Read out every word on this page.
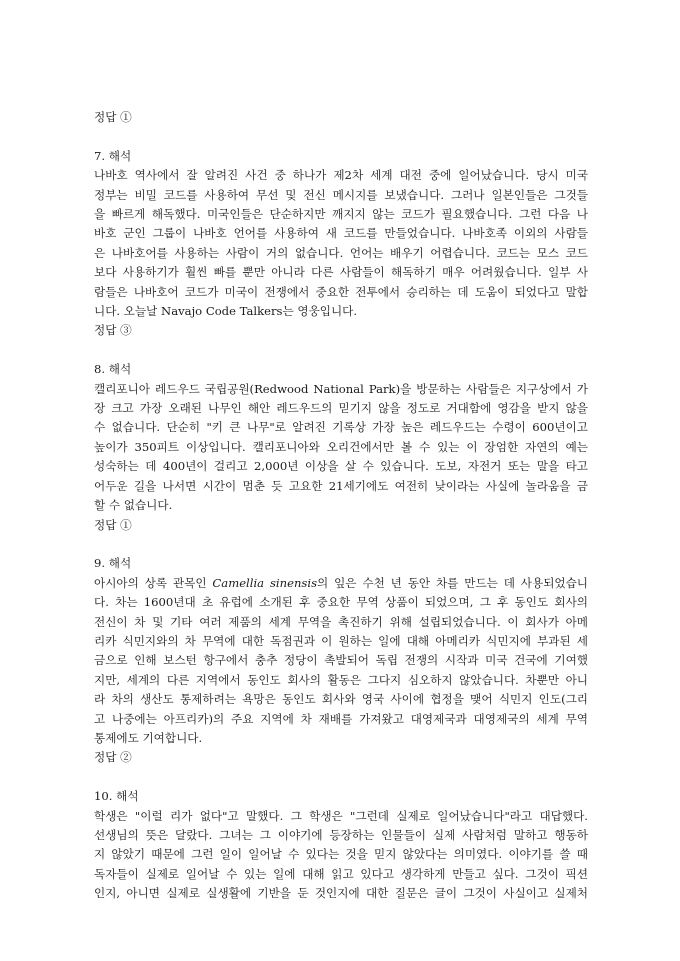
정답 ①
7. 해석
나바호 역사에서 잘 알려진 사건 중 하나가 제2차 세계 대전 중에 일어났습니다. 당시 미국
정부는 비밀 코드를 사용하여 무선 및 전신 메시지를 보냈습니다. 그러나 일본인들은 그것들
을 빠르게 해독했다. 미국인들은 단순하지만 깨지지 않는 코드가 필요했습니다. 그런 다음 나
바호 군인 그룹이 나바호 언어를 사용하여 새 코드를 만들었습니다. 나바호족 이외의 사람들
은 나바호어를 사용하는 사람이 거의 없습니다. 언어는 배우기 어렵습니다. 코드는 모스 코드
보다 사용하기가 훨씬 빠를 뿐만 아니라 다른 사람들이 해독하기 매우 어려웠습니다. 일부 사
람들은 나바호어 코드가 미국이 전쟁에서 중요한 전투에서 승리하는 데 도움이 되었다고 말합
니다. 오늘날 Navajo Code Talkers는 영웅입니다.
정답 ③
8. 해석
캘리포니아 레드우드 국립공원(Redwood National Park)을 방문하는 사람들은 지구상에서 가
장 크고 가장 오래된 나무인 해안 레드우드의 믿기지 않을 정도로 거대함에 영감을 받지 않을
수 없습니다. 단순히 "키 큰 나무"로 알려진 기록상 가장 높은 레드우드는 수령이 600년이고
높이가 350피트 이상입니다. 캘리포니아와 오리건에서만 볼 수 있는 이 장엄한 자연의 예는
성숙하는 데 400년이 걸리고 2,000년 이상을 살 수 있습니다. 도보, 자전거 또는 말을 타고
어두운 길을 나서면 시간이 멈춘 듯 고요한 21세기에도 여전히 낮이라는 사실에 놀라움을 금
할 수 없습니다.
정답 ①
9. 해석
아시아의 상록 관목인 Camellia sinensis의 잎은 수천 년 동안 차를 만드는 데 사용되었습니
다. 차는 1600년대 초 유럽에 소개된 후 중요한 무역 상품이 되었으며, 그 후 동인도 회사의
전신이 차 및 기타 여러 제품의 세계 무역을 촉진하기 위해 설립되었습니다. 이 회사가 아메
리카 식민지와의 차 무역에 대한 독점권과 이 원하는 일에 대해 아메리카 식민지에 부과된 세
금으로 인해 보스턴 항구에서 충추 정당이 촉발되어 독립 전쟁의 시작과 미국 건국에 기여했
지만, 세계의 다른 지역에서 동인도 회사의 활동은 그다지 심오하지 않았습니다. 차뿐만 아니
라 차의 생산도 통제하려는 욕망은 동인도 회사와 영국 사이에 협정을 맺어 식민지 인도(그리
고 나중에는 아프리카)의 주요 지역에 차 재배를 가져왔고 대영제국과 대영제국의 세계 무역
통제에도 기여합니다.
정답 ②
10. 해석
학생은 "이럴 리가 없다"고 말했다. 그 학생은 "그런데 실제로 일어났습니다"라고 대답했다.
선생님의 뜻은 달랐다. 그녀는 그 이야기에 등장하는 인물들이 실제 사람처럼 말하고 행동하
지 않았기 때문에 그런 일이 일어날 수 있다는 것을 믿지 않았다는 의미였다. 이야기를 쓸 때
독자들이 실제로 일어날 수 있는 일에 대해 읽고 있다고 생각하게 만들고 싶다. 그것이 픽션
인지, 아니면 실제로 실생활에 기반을 둔 것인지에 대한 질문은 글이 그것이 사실이고 실제처
